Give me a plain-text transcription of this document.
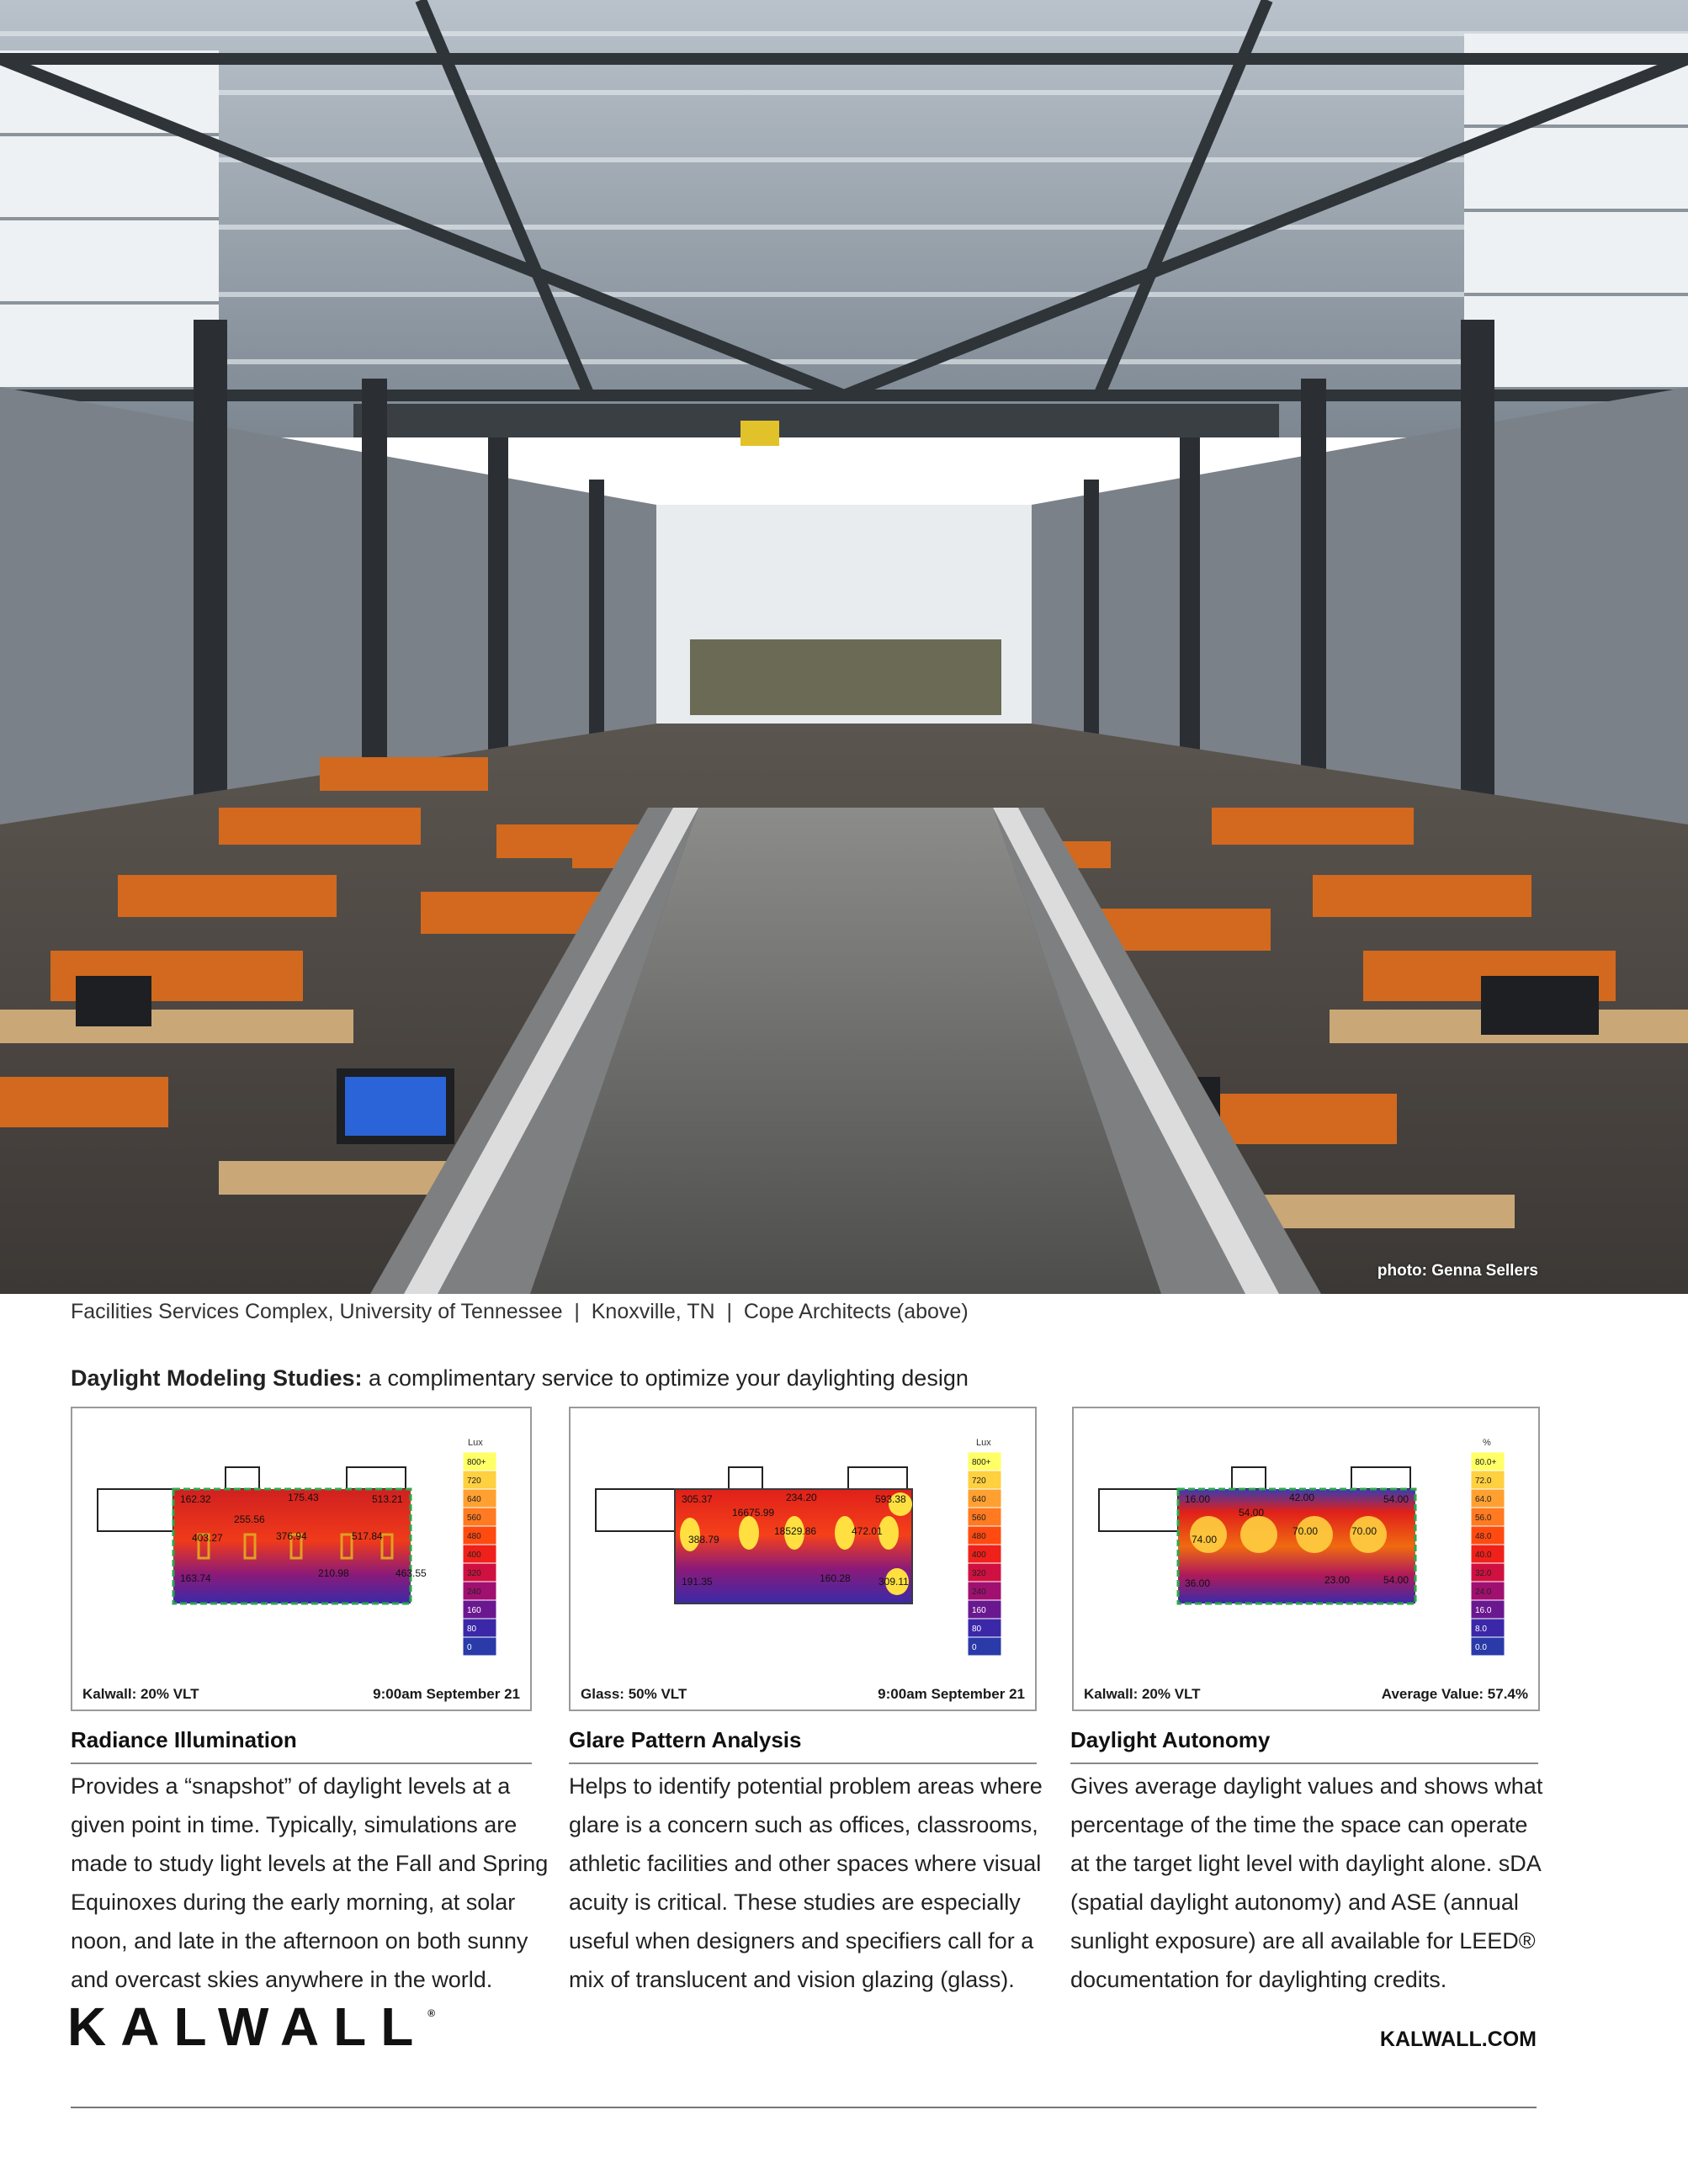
photo: Genna Sellers
Facilities Services Complex, University of Tennessee  |  Knoxville, TN  |  Cope Architects (above)
Daylight Modeling Studies: a complimentary service to optimize your daylighting design
162.32
255.56
175.43	513.21
403.27	376.94	517.84
163.74	210.98	463.55
Lux
800+
720
640
560
480
400
320
240
160
80
0
Kalwall: 20% VLT	9:00am September 21
305.37
16675.99
234.20	593.38
388.79
18529.86	472.01
191.35	160.28	309.11
Lux
800+
720
640
560
480
400
320
240
160
80
0
Glass: 50% VLT	9:00am September 21
16.00
54.00
42.00	54.00
74.00
70.00	70.00
36.00	23.00	54.00
%
80.0+
72.0
64.0
56.0
48.0
40.0
32.0
24.0
16.0
8.0
0.0
Kalwall: 20% VLT	Average Value: 57.4%
Radiance Illumination

Provides a “snapshot” of daylight levels at a

given point in time. Typically, simulations are

made to study light levels at the Fall and Spring

Equinoxes during the early morning, at solar

noon, and late in the afternoon on both sunny

and overcast skies anywhere in the world.

Glare Pattern Analysis

Helps to identify potential problem areas where

glare is a concern such as offices, classrooms,

athletic facilities and other spaces where visual

acuity is critical. These studies are especially

useful when designers and specifiers call for a

mix of translucent and vision glazing (glass).

Daylight Autonomy

Gives average daylight values and shows what

percentage of the time the space can operate

at the target light level with daylight alone. sDA

(spatial daylight autonomy) and ASE (annual

sunlight exposure) are all available for LEED®

documentation for daylighting credits.

KALWALL®
KALWALL.COM
